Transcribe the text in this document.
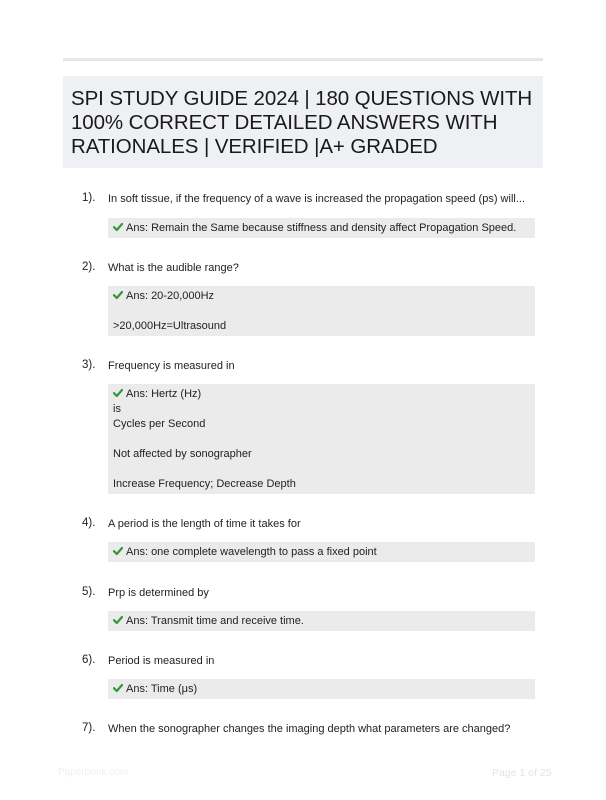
SPI STUDY GUIDE 2024 | 180 QUESTIONS WITH 100% CORRECT DETAILED ANSWERS WITH RATIONALES | VERIFIED |A+ GRADED
1). In soft tissue, if the frequency of a wave is increased the propagation speed (ps) will...
Ans: Remain the Same because stiffness and density affect Propagation Speed.
2). What is the audible range?
Ans: 20-20,000Hz
>20,000Hz=Ultrasound
3). Frequency is measured in
Ans: Hertz (Hz)
is
Cycles per Second
Not affected by sonographer
Increase Frequency; Decrease Depth
4). A period is the length of time it takes for
Ans: one complete wavelength to pass a fixed point
5). Prp is determined by
Ans: Transmit time and receive time.
6). Period is measured in
Ans: Time (μs)
7). When the sonographer changes the imaging depth what parameters are changed?
Paperbook.com	Page 1 of 25
